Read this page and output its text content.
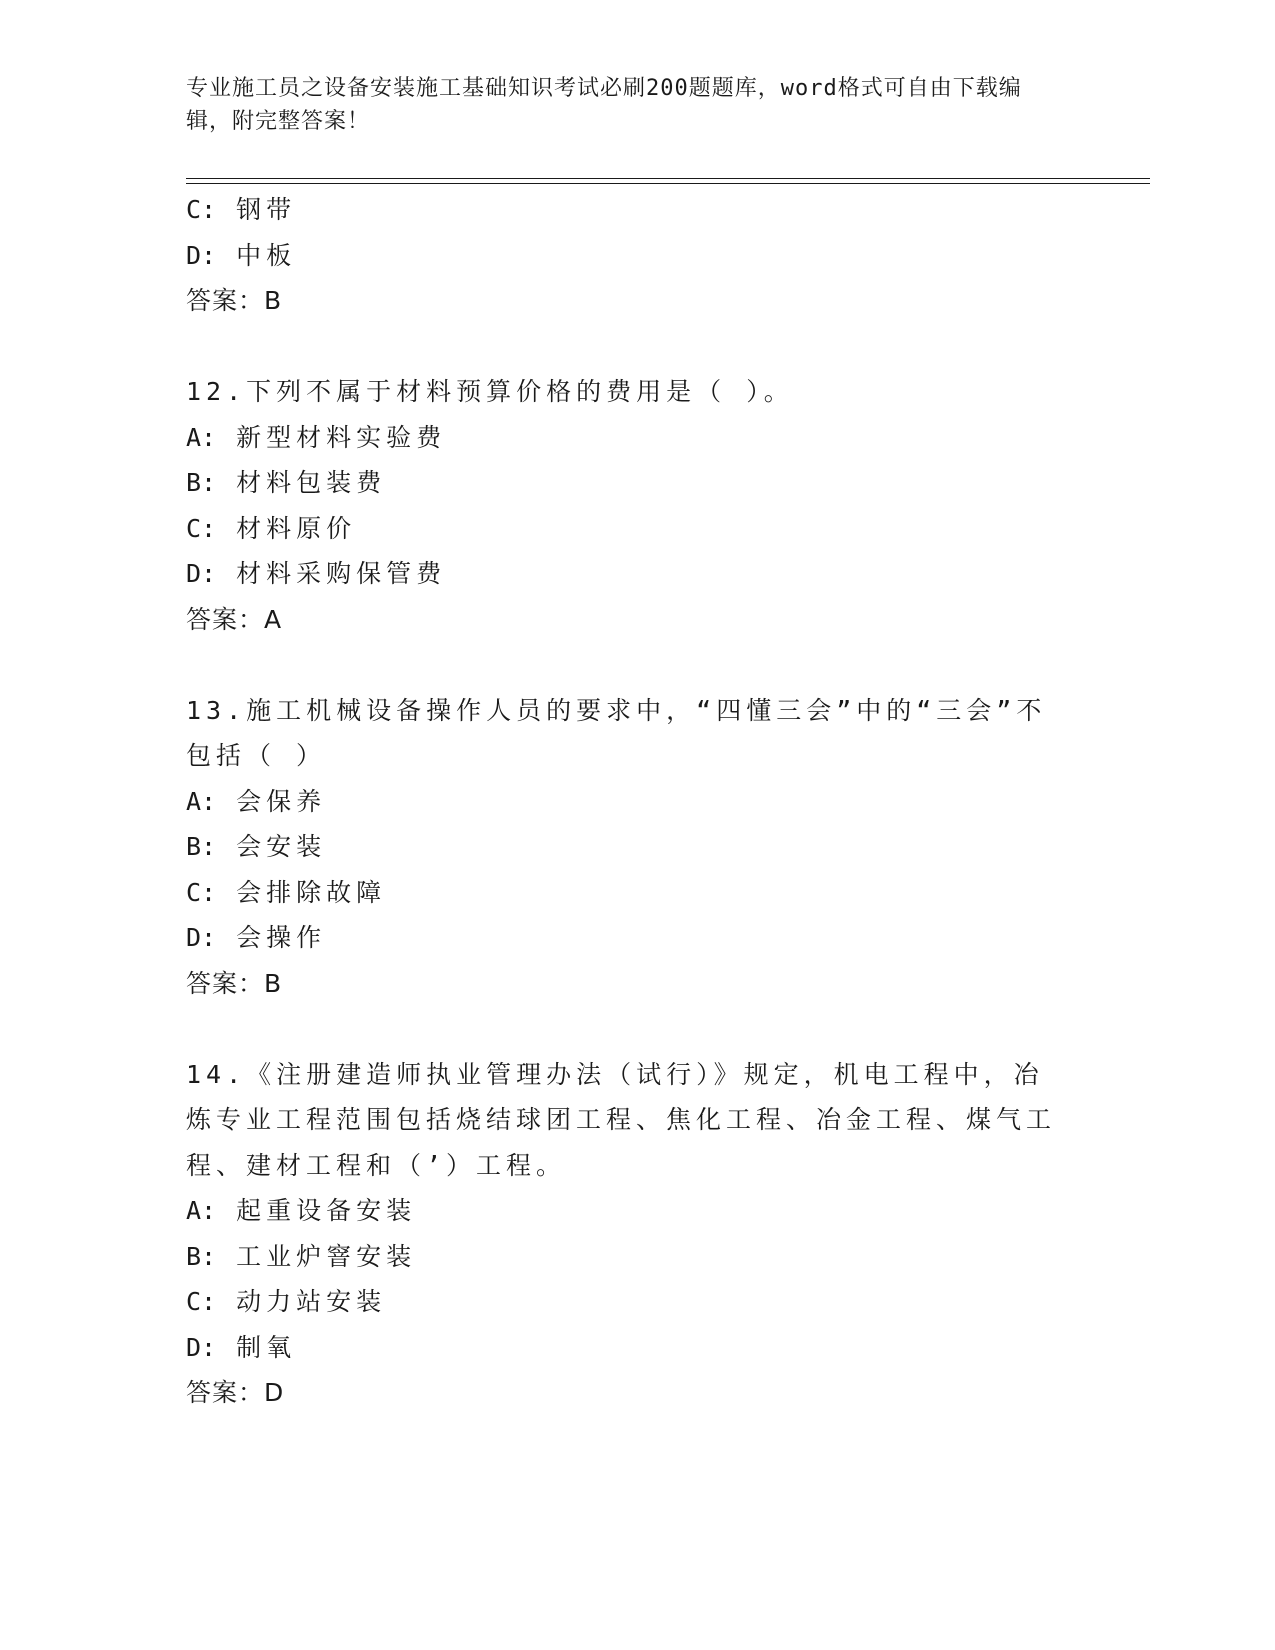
专业施工员之设备安装施工基础知识考试必刷200题题库，word格式可自由下载编辑，附完整答案！
C: 钢带
D: 中板
答案：B
12.下列不属于材料预算价格的费用是（ ）。
A: 新型材料实验费
B: 材料包装费
C: 材料原价
D: 材料采购保管费
答案：A
13.施工机械设备操作人员的要求中，“四懂三会”中的“三会”不包括（ ）
A: 会保养
B: 会安装
C: 会排除故障
D: 会操作
答案：B
14.《注册建造师执业管理办法（试行）》规定，机电工程中，冶炼专业工程范围包括烧结球团工程、焦化工程、冶金工程、煤气工程、建材工程和（’）工程。
A: 起重设备安装
B: 工业炉窨安装
C: 动力站安装
D: 制氧
答案：D
